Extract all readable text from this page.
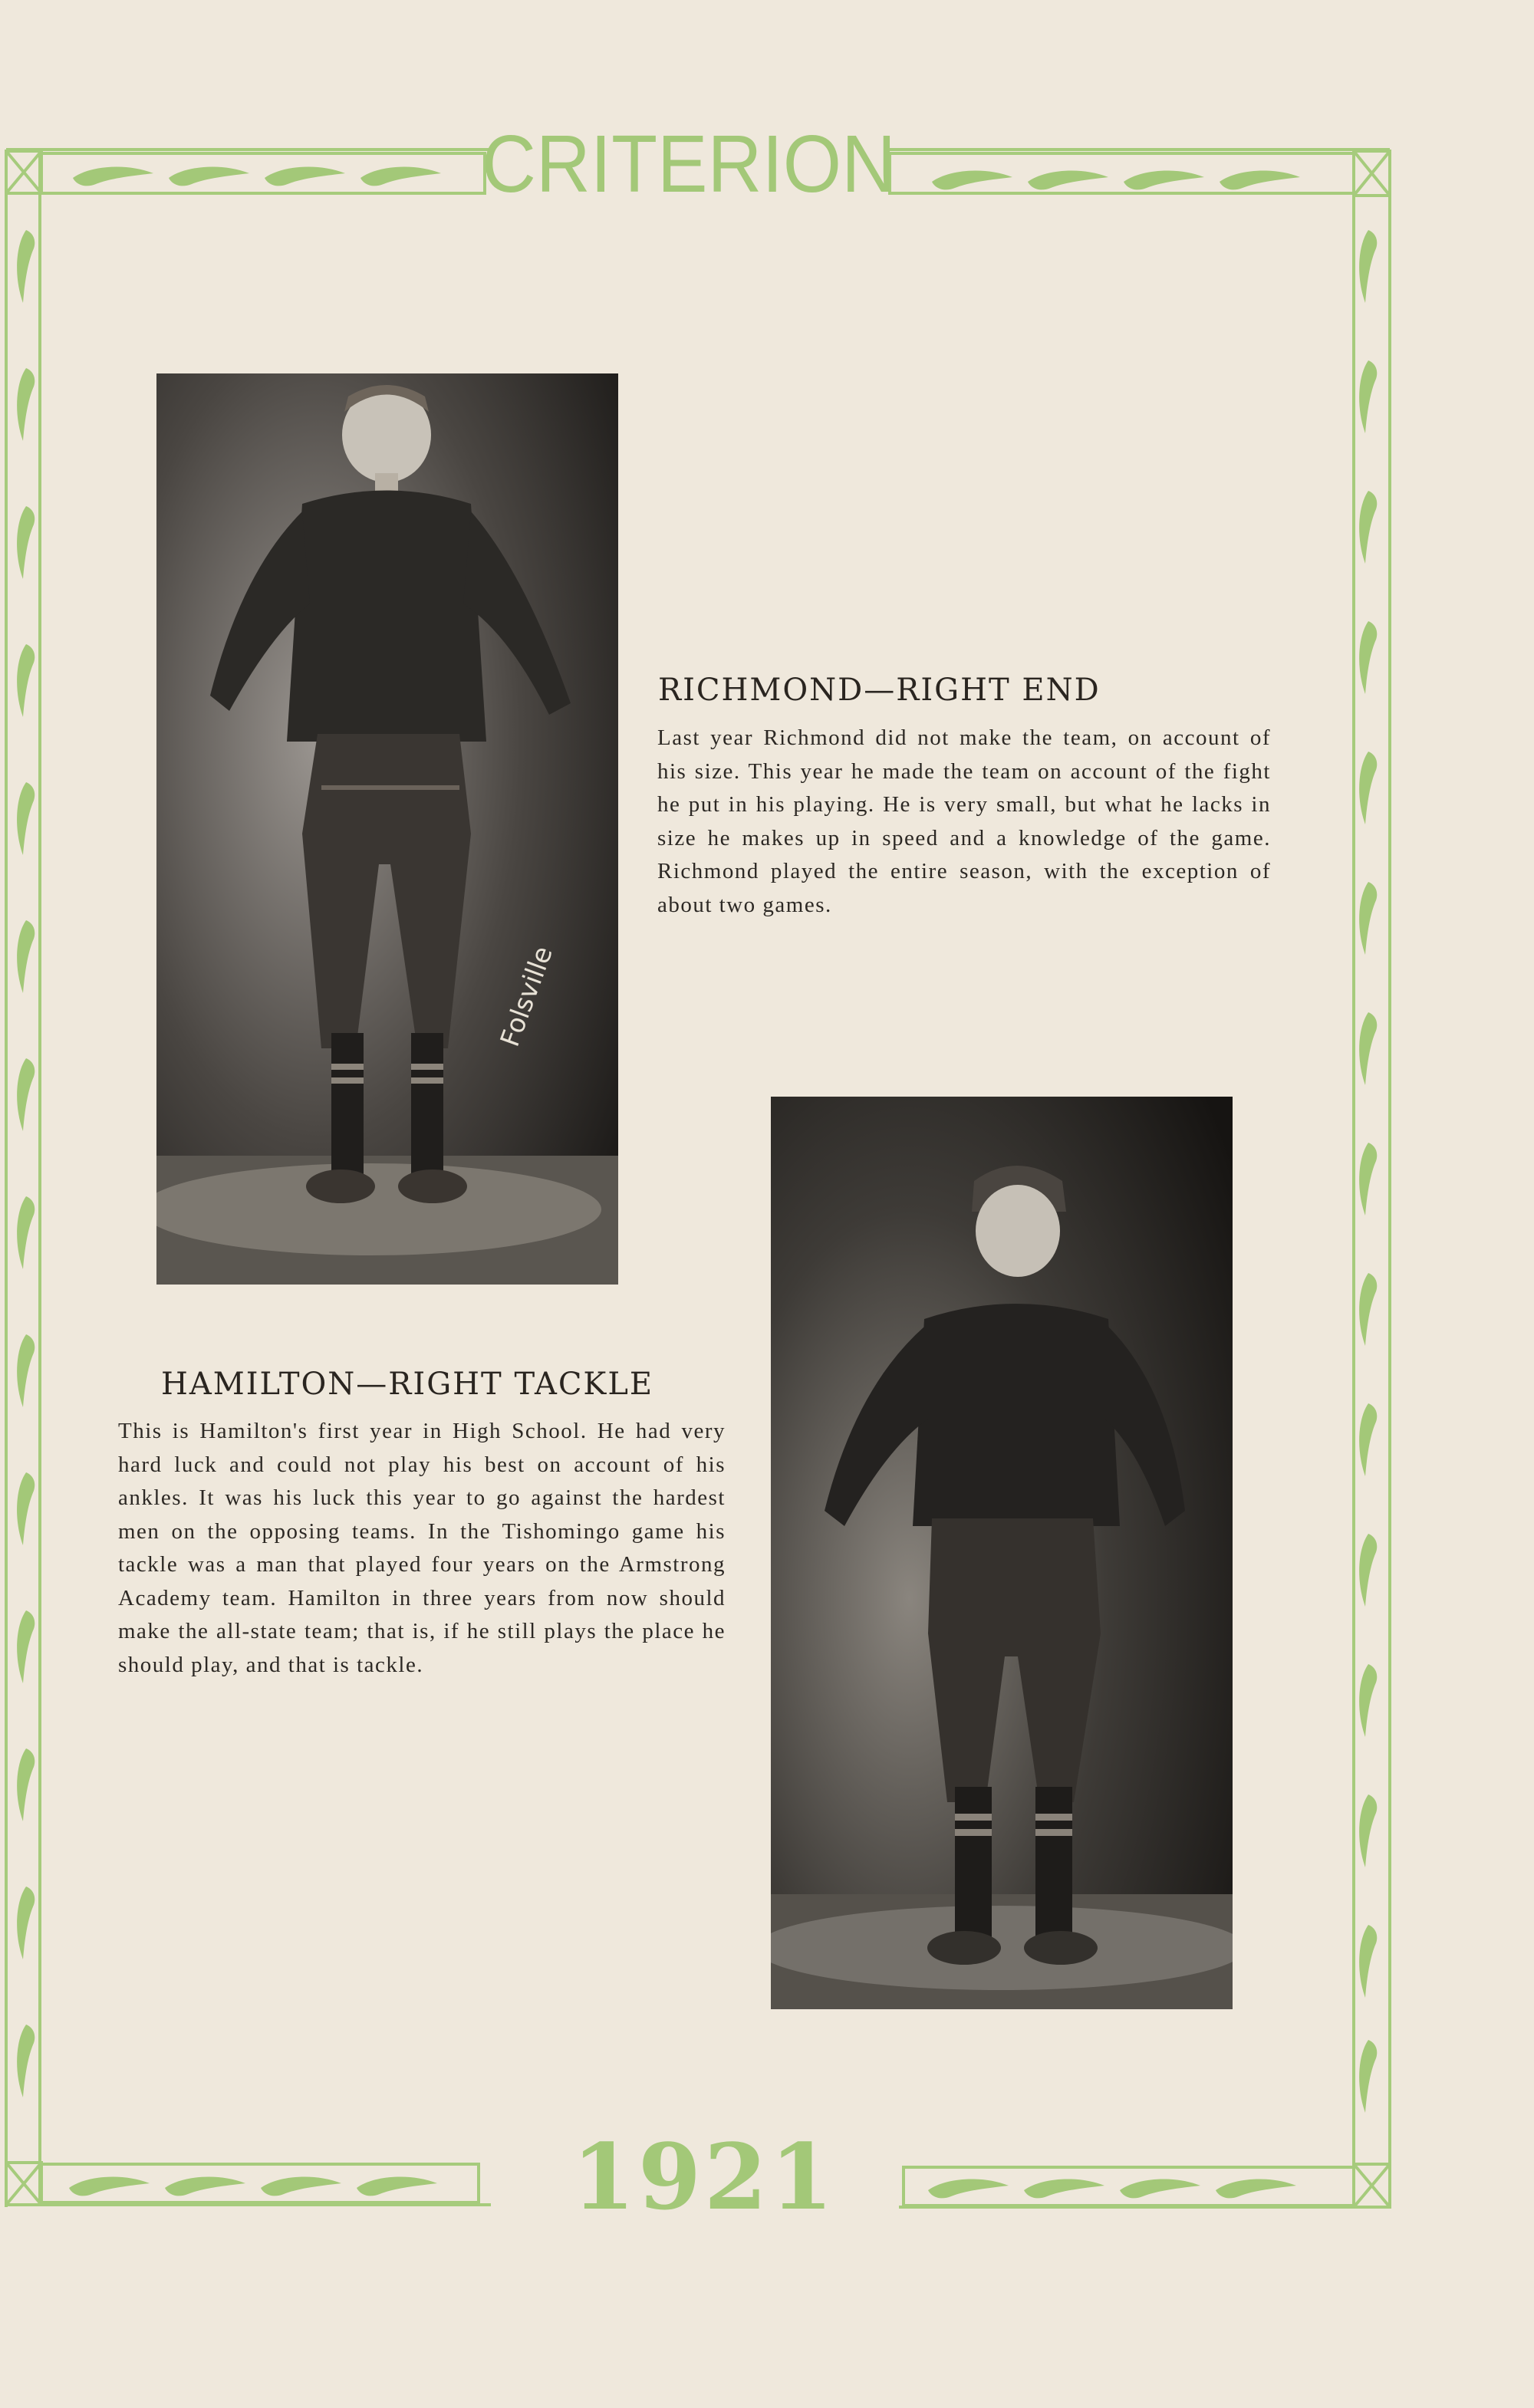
CRITERION
1921
Folsville
RICHMOND—RIGHT END

Last year Richmond did not make the team, on account of his size. This year he made the team on account of the fight he put in his playing. He is very small, but what he lacks in size he makes up in speed and a knowledge of the game. Richmond played the entire season, with the exception of about two games.

HAMILTON—RIGHT TACKLE

This is Hamilton's first year in High School. He had very hard luck and could not play his best on account of his ankles. It was his luck this year to go against the hardest men on the opposing teams. In the Tishomingo game his tackle was a man that played four years on the Armstrong Academy team. Hamilton in three years from now should make the all-state team; that is, if he still plays the place he should play, and that is tackle.
